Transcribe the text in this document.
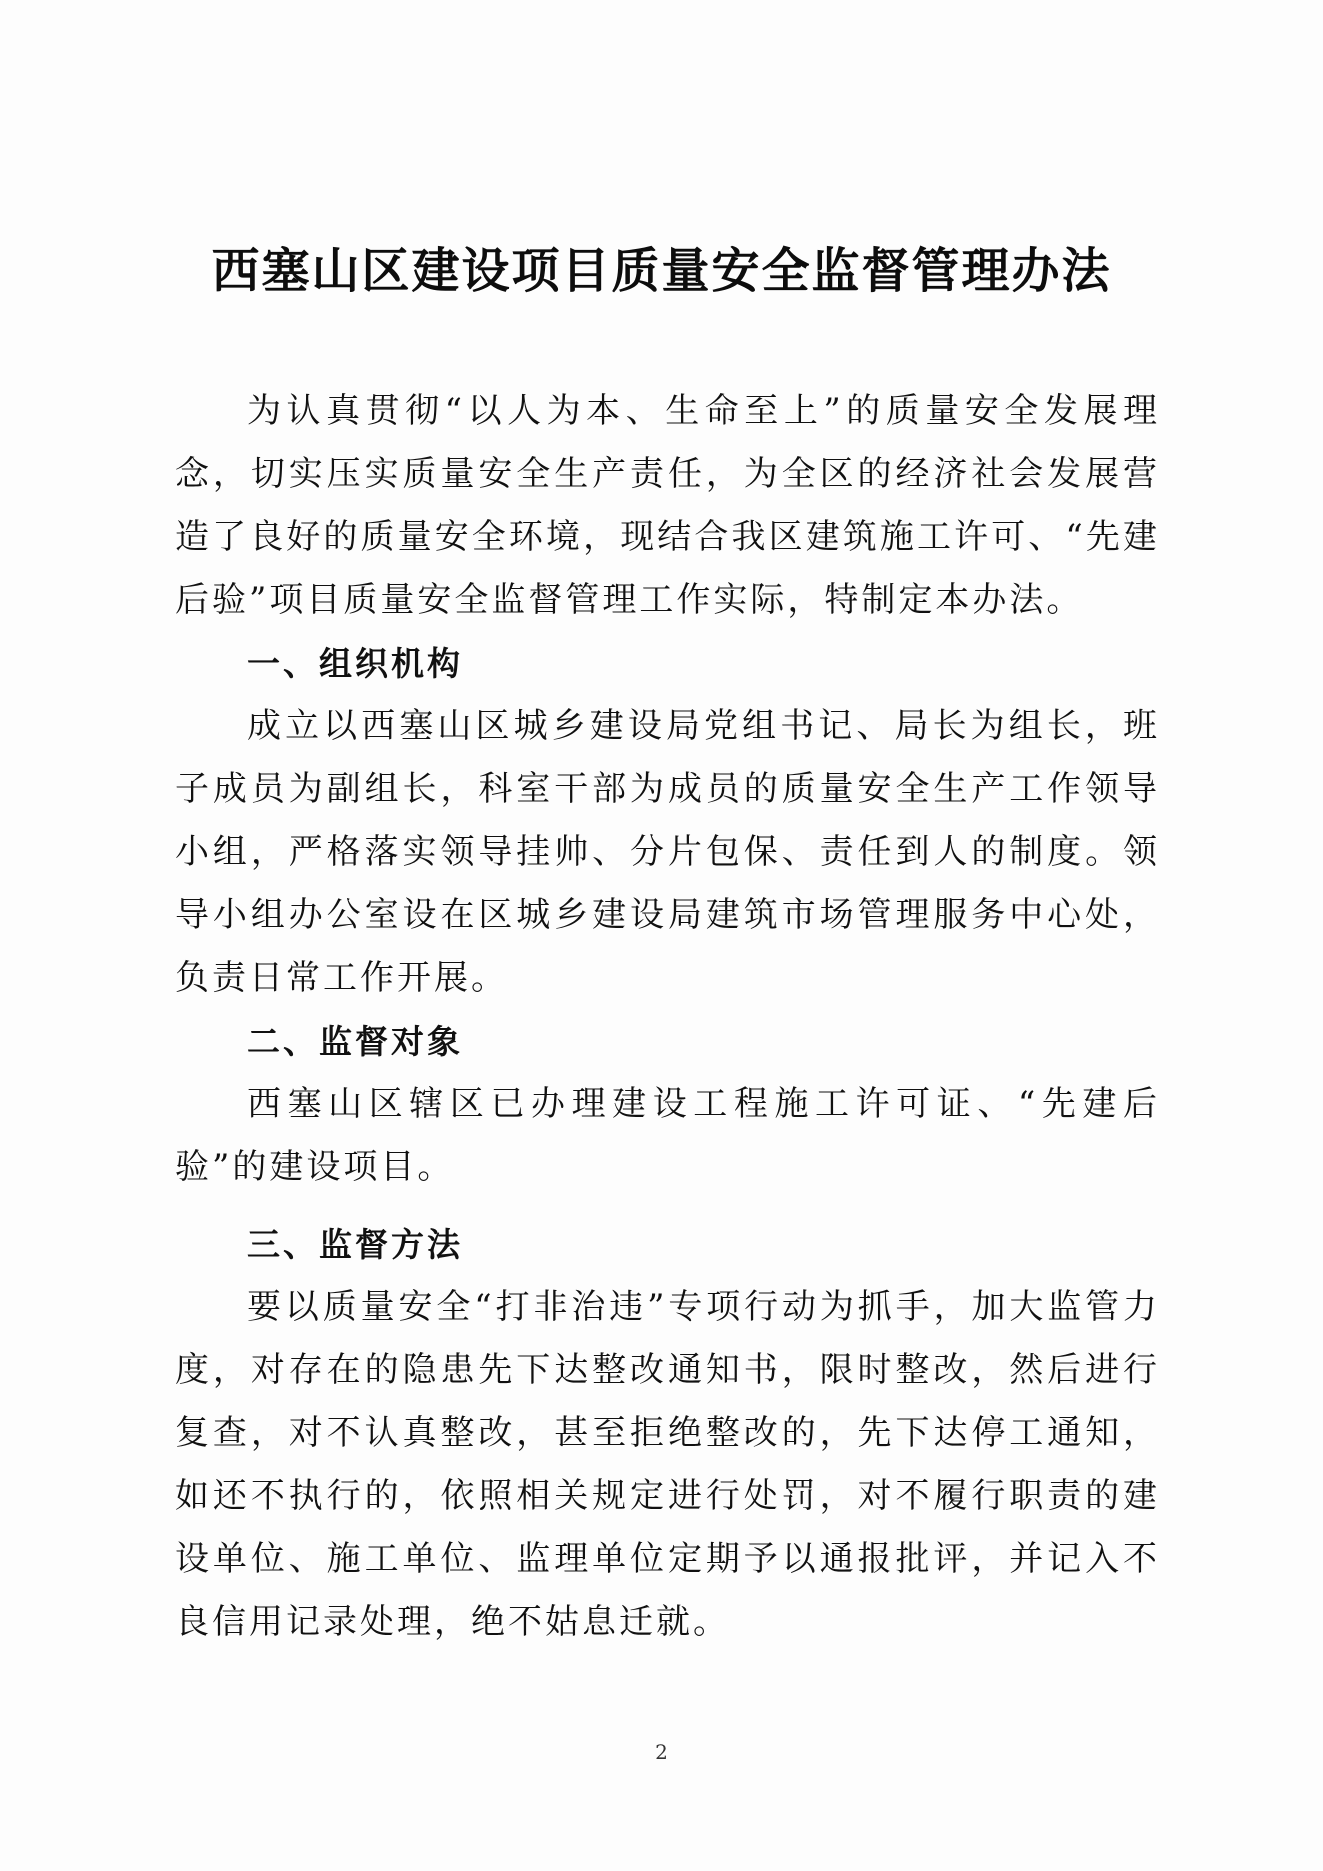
西塞山区建设项目质量安全监督管理办法

为认真贯彻“以人为本、生命至上”的质量安全发展理念，切实压实质量安全生产责任，为全区的经济社会发展营造了良好的质量安全环境，现结合我区建筑施工许可、“先建后验”项目质量安全监督管理工作实际，特制定本办法。

一、组织机构

成立以西塞山区城乡建设局党组书记、局长为组长，班子成员为副组长，科室干部为成员的质量安全生产工作领导小组，严格落实领导挂帅、分片包保、责任到人的制度。领导小组办公室设在区城乡建设局建筑市场管理服务中心处，负责日常工作开展。

二、监督对象

西塞山区辖区已办理建设工程施工许可证、“先建后验”的建设项目。

三、监督方法

要以质量安全“打非治违”专项行动为抓手，加大监管力度，对存在的隐患先下达整改通知书，限时整改，然后进行复查，对不认真整改，甚至拒绝整改的，先下达停工通知，如还不执行的，依照相关规定进行处罚，对不履行职责的建设单位、施工单位、监理单位定期予以通报批评，并记入不良信用记录处理，绝不姑息迁就。

2
